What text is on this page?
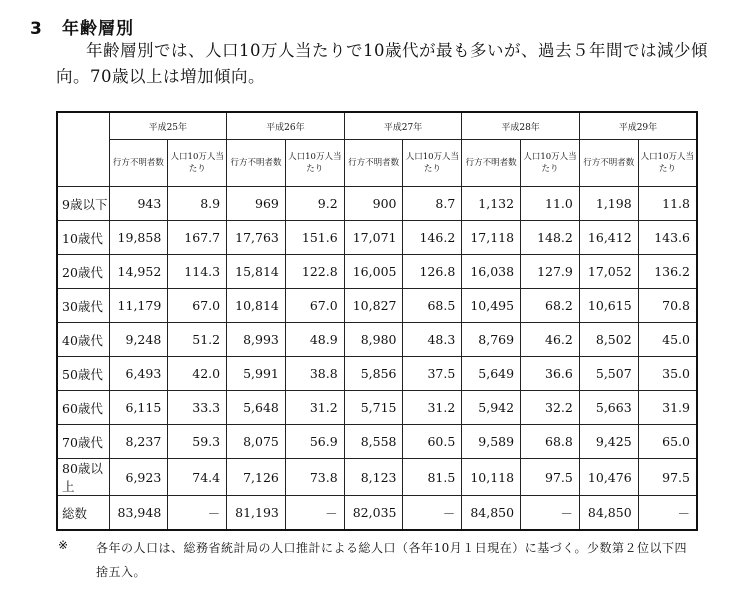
3 年齢層別
年齢層別では、人口10万人当たりで10歳代が最も多いが、過去５年間では減少傾向。70歳以上は増加傾向。
	平成25年		平成26年		平成27年		平成28年		平成29年	
	行方不明者数	人口10万人当たり	行方不明者数	人口10万人当たり	行方不明者数	人口10万人当たり	行方不明者数	人口10万人当たり	行方不明者数	人口10万人当たり
9歳以下	943	8.9	969	9.2	900	8.7	1,132	11.0	1,198	11.8
10歳代	19,858	167.7	17,763	151.6	17,071	146.2	17,118	148.2	16,412	143.6
20歳代	14,952	114.3	15,814	122.8	16,005	126.8	16,038	127.9	17,052	136.2
30歳代	11,179	67.0	10,814	67.0	10,827	68.5	10,495	68.2	10,615	70.8
40歳代	9,248	51.2	8,993	48.9	8,980	48.3	8,769	46.2	8,502	45.0
50歳代	6,493	42.0	5,991	38.8	5,856	37.5	5,649	36.6	5,507	35.0
60歳代	6,115	33.3	5,648	31.2	5,715	31.2	5,942	32.2	5,663	31.9
70歳代	8,237	59.3	8,075	56.9	8,558	60.5	9,589	68.8	9,425	65.0
80歳以上	6,923	74.4	7,126	73.8	8,123	81.5	10,118	97.5	10,476	97.5
総数	83,948	－	81,193	－	82,035	－	84,850	－	84,850	－
※ 各年の人口は、総務省統計局の人口推計による総人口（各年10月１日現在）に基づく。少数第２位以下四捨五入。
